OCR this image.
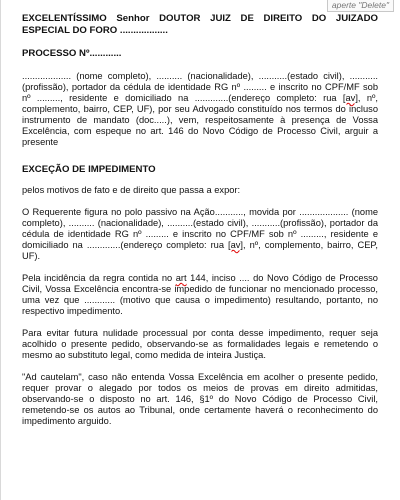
aperte "Delete"
EXCELENTÍSSIMO Senhor DOUTOR JUIZ DE DIREITO DO JUIZADO ESPECIAL DO FORO ..................
PROCESSO Nº............
................... (nome completo), .......... (nacionalidade), ...........(estado civil), ...........(profissão), portador da cédula de identidade RG nº ......... e inscrito no CPF/MF sob nº ........., residente e domiciliado na .............(endereço completo: rua [av], nº, complemento, bairro, CEP, UF), por seu Advogado constituído nos termos do incluso instrumento de mandato (doc.....), vem, respeitosamente à presença de Vossa Excelência, com espeque no art. 146 do Novo Código de Processo Civil, arguir a presente
EXCEÇÃO DE IMPEDIMENTO
pelos motivos de fato e de direito que passa a expor:
O Requerente figura no polo passivo na Ação..........., movida por ................... (nome completo), .......... (nacionalidade), ..........(estado civil), ...........(profissão), portador da cédula de identidade RG nº ......... e inscrito no CPF/MF sob nº ........., residente e domiciliado na .............(endereço completo: rua [av], nº, complemento, bairro, CEP, UF).
Pela incidência da regra contida no art 144, inciso .... do Novo Código de Processo Civil, Vossa Excelência encontra-se impedido de funcionar no mencionado processo, uma vez que ............ (motivo que causa o impedimento) resultando, portanto, no respectivo impedimento.
Para evitar futura nulidade processual por conta desse impedimento, requer seja acolhido o presente pedido, observando-se as formalidades legais e remetendo o mesmo ao substituto legal, como medida de inteira Justiça.
"Ad cautelam", caso não entenda Vossa Excelência em acolher o presente pedido, requer provar o alegado por todos os meios de provas em direito admitidas, observando-se o disposto no art. 146, §1º do Novo Código de Processo Civil, remetendo-se os autos ao Tribunal, onde certamente haverá o reconhecimento do impedimento arguido.
